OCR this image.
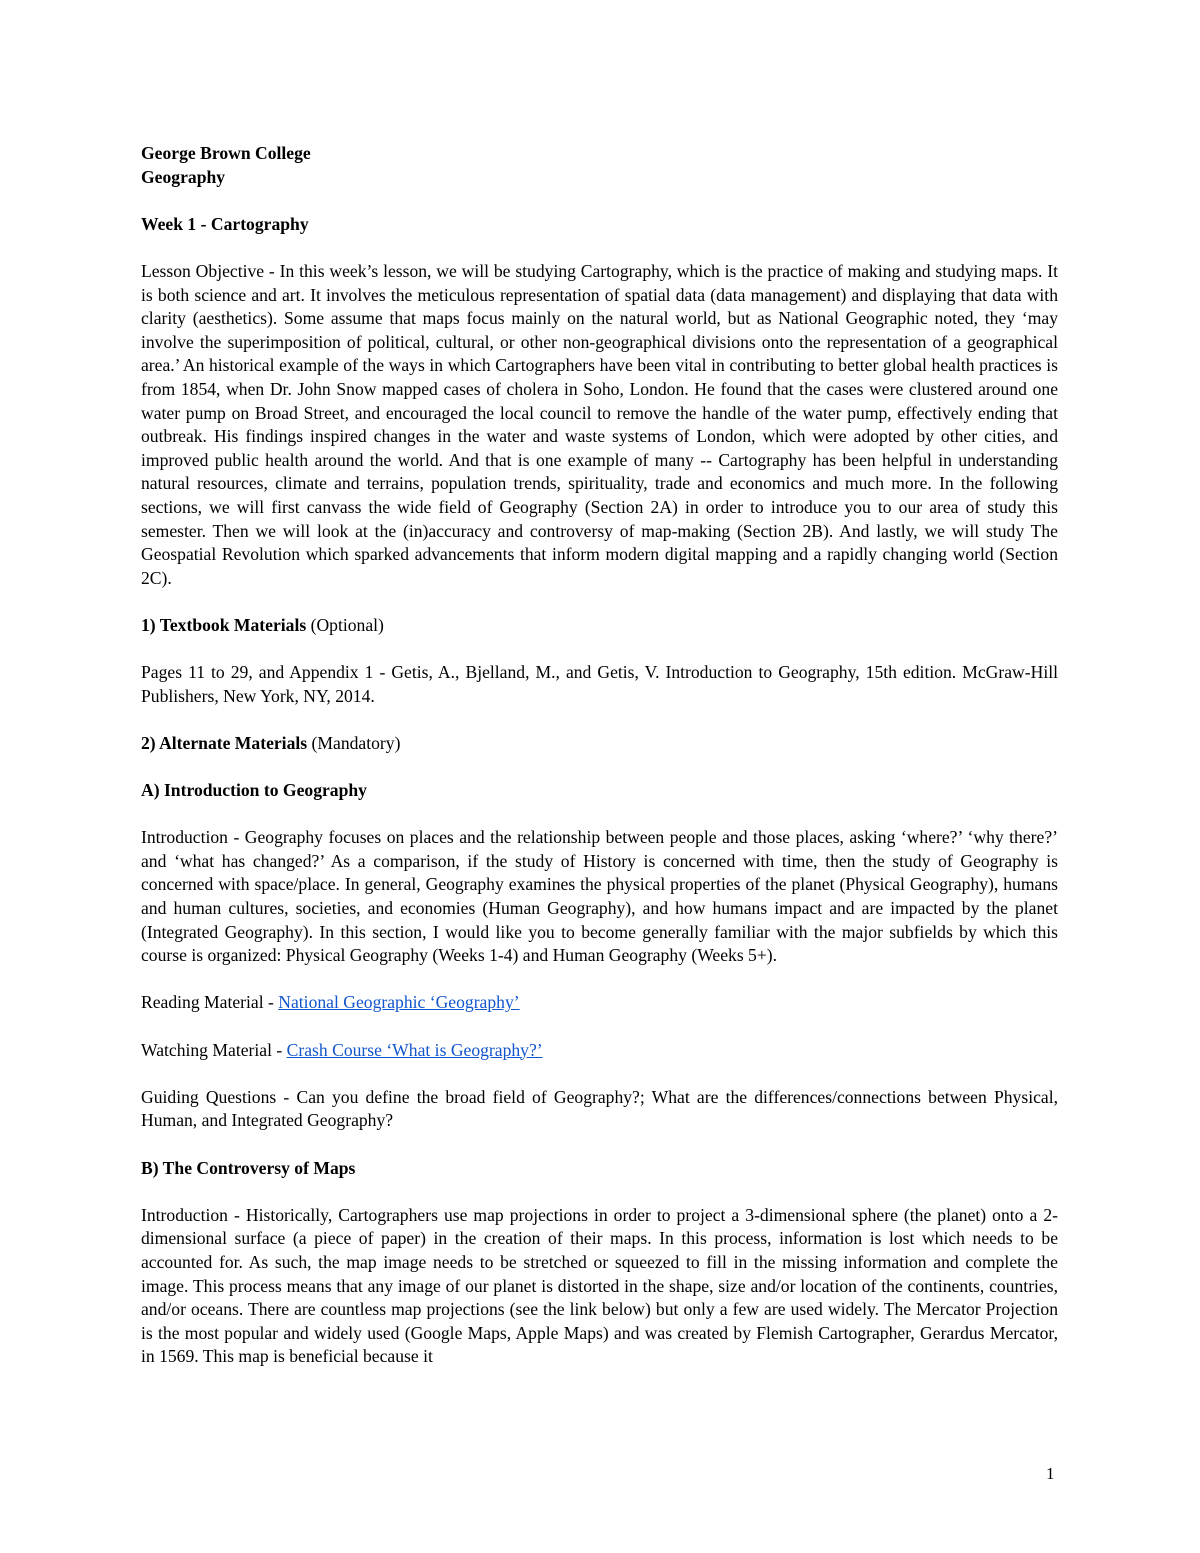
George Brown College
Geography
Week 1 - Cartography

Lesson Objective - In this week’s lesson, we will be studying Cartography, which is the practice of making and studying maps. It is both science and art. It involves the meticulous representation of spatial data (data management) and displaying that data with clarity (aesthetics). Some assume that maps focus mainly on the natural world, but as National Geographic noted, they ‘may involve the superimposition of political, cultural, or other non-geographical divisions onto the representation of a geographical area.’ An historical example of the ways in which Cartographers have been vital in contributing to better global health practices is from 1854, when Dr. John Snow mapped cases of cholera in Soho, London. He found that the cases were clustered around one water pump on Broad Street, and encouraged the local council to remove the handle of the water pump, effectively ending that outbreak. His findings inspired changes in the water and waste systems of London, which were adopted by other cities, and improved public health around the world. And that is one example of many -- Cartography has been helpful in understanding natural resources, climate and terrains, population trends, spirituality, trade and economics and much more. In the following sections, we will first canvass the wide field of Geography (Section 2A) in order to introduce you to our area of study this semester. Then we will look at the (in)accuracy and controversy of map-making (Section 2B). And lastly, we will study The Geospatial Revolution which sparked advancements that inform modern digital mapping and a rapidly changing world (Section 2C).

1) Textbook Materials (Optional)

Pages 11 to 29, and Appendix 1 - Getis, A., Bjelland, M., and Getis, V. Introduction to Geography, 15th edition. McGraw-Hill Publishers, New York, NY, 2014.

2) Alternate Materials (Mandatory)
A) Introduction to Geography

Introduction - Geography focuses on places and the relationship between people and those places, asking ‘where?’ ‘why there?’ and ‘what has changed?’ As a comparison, if the study of History is concerned with time, then the study of Geography is concerned with space/place. In general, Geography examines the physical properties of the planet (Physical Geography), humans and human cultures, societies, and economies (Human Geography), and how humans impact and are impacted by the planet (Integrated Geography). In this section, I would like you to become generally familiar with the major subfields by which this course is organized: Physical Geography (Weeks 1-4) and Human Geography (Weeks 5+).

Reading Material - National Geographic ‘Geography’
Watching Material - Crash Course ‘What is Geography?’

Guiding Questions - Can you define the broad field of Geography?; What are the differences/connections between Physical, Human, and Integrated Geography?

B) The Controversy of Maps

Introduction - Historically, Cartographers use map projections in order to project a 3-dimensional sphere (the planet) onto a 2-dimensional surface (a piece of paper) in the creation of their maps. In this process, information is lost which needs to be accounted for. As such, the map image needs to be stretched or squeezed to fill in the missing information and complete the image. This process means that any image of our planet is distorted in the shape, size and/or location of the continents, countries, and/or oceans. There are countless map projections (see the link below) but only a few are used widely. The Mercator Projection is the most popular and widely used (Google Maps, Apple Maps) and was created by Flemish Cartographer, Gerardus Mercator, in 1569. This map is beneficial because it

1
